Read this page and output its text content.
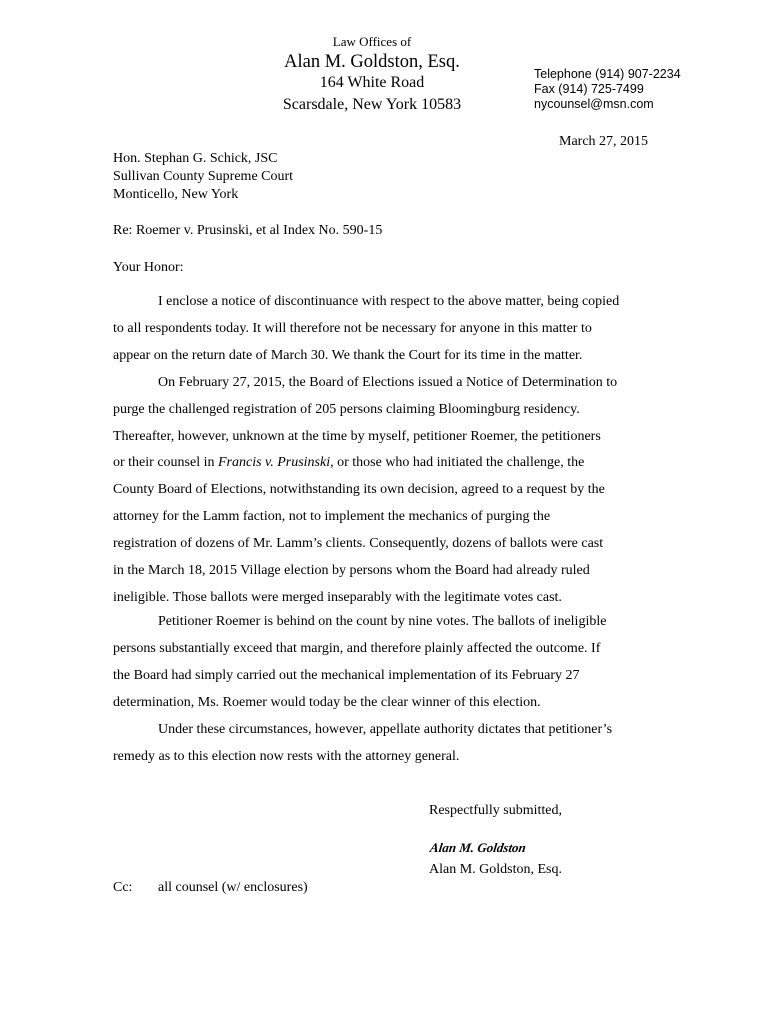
Law Offices of
Alan M. Goldston, Esq.
164 White Road
Scarsdale, New York 10583
Telephone (914) 907-2234
Fax (914) 725-7499
nycounsel@msn.com
March 27, 2015
Hon. Stephan G. Schick, JSC
Sullivan County Supreme Court
Monticello, New York
Re: Roemer v. Prusinski, et al Index No. 590-15
Your Honor:
I enclose a notice of discontinuance with respect to the above matter, being copied
to all respondents today. It will therefore not be necessary for anyone in this matter to
appear on the return date of March 30. We thank the Court for its time in the matter.
On February 27, 2015, the Board of Elections issued a Notice of Determination to
purge the challenged registration of 205 persons claiming Bloomingburg residency.
Thereafter, however, unknown at the time by myself, petitioner Roemer, the petitioners
or their counsel in Francis v. Prusinski, or those who had initiated the challenge, the
County Board of Elections, notwithstanding its own decision, agreed to a request by the
attorney for the Lamm faction, not to implement the mechanics of purging the
registration of dozens of Mr. Lamm’s clients. Consequently, dozens of ballots were cast
in the March 18, 2015 Village election by persons whom the Board had already ruled
ineligible. Those ballots were merged inseparably with the legitimate votes cast.
Petitioner Roemer is behind on the count by nine votes. The ballots of ineligible
persons substantially exceed that margin, and therefore plainly affected the outcome. If
the Board had simply carried out the mechanical implementation of its February 27
determination, Ms. Roemer would today be the clear winner of this election.
Under these circumstances, however, appellate authority dictates that petitioner’s
remedy as to this election now rests with the attorney general.
Respectfully submitted,
Alan M. Goldston
Alan M. Goldston, Esq.
Cc: all counsel (w/ enclosures)
